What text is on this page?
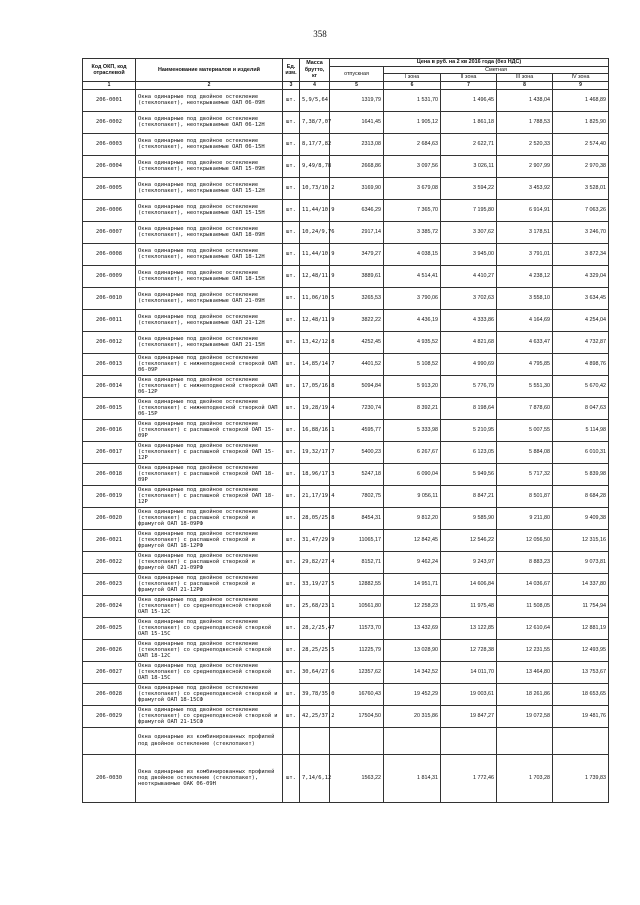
358
Код ОКП, код отраслевой	Наименование материалов и изделий	Ед. изм.	Масса брутто, кг	Цена в руб. на 2 кв 2016 года (без НДС)				
				отпускная	Сметная			
					I зона	II зона	III зона	IV зона
1	2	3	4	5	6	7	8	9
206-0001	Окна одинарные под двойное остекление (стеклопакет), неоткрываемые ОАП 06-09Н	шт.	5,9/5,64	1319,79	1 531,70	1 496,45	1 438,04	1 468,89
206-0002	Окна одинарные под двойное остекление (стеклопакет), неоткрываемые ОАП 06-12Н	шт.	7,38/7,07	1641,45	1 905,12	1 861,18	1 788,53	1 825,90
206-0003	Окна одинарные под двойное остекление (стеклопакет), неоткрываемые ОАП 06-15Н	шт.	8,17/7,82	2313,08	2 684,63	2 622,71	2 520,33	2 574,40
206-0004	Окна одинарные под двойное остекление (стеклопакет), неоткрываемые ОАП 15-09Н	шт.	9,49/8,78	2668,86	3 097,56	3 026,11	2 907,99	2 970,38
206-0005	Окна одинарные под двойное остекление (стеклопакет), неоткрываемые ОАП 15-12Н	шт.	10,73/10,2	3169,90	3 679,08	3 594,22	3 453,92	3 528,01
206-0006	Окна одинарные под двойное остекление (стеклопакет), неоткрываемые ОАП 15-15Н	шт.	11,44/10,9	6346,29	7 365,70	7 195,80	6 914,91	7 063,26
206-0007	Окна одинарные под двойное остекление (стеклопакет), неоткрываемые ОАП 18-09Н	шт.	10,24/9,76	2917,14	3 385,72	3 307,62	3 178,51	3 246,70
206-0008	Окна одинарные под двойное остекление (стеклопакет), неоткрываемые ОАП 18-12Н	шт.	11,44/10,9	3479,27	4 038,15	3 945,00	3 791,01	3 872,34
206-0009	Окна одинарные под двойное остекление (стеклопакет), неоткрываемые ОАП 18-15Н	шт.	12,48/11,9	3889,61	4 514,41	4 410,27	4 238,12	4 329,04
206-0010	Окна одинарные под двойное остекление (стеклопакет), неоткрываемые ОАП 21-09Н	шт.	11,06/10,5	3265,53	3 790,06	3 702,63	3 558,10	3 634,45
206-0011	Окна одинарные под двойное остекление (стеклопакет), неоткрываемые ОАП 21-12Н	шт.	12,48/11,9	3822,22	4 436,19	4 333,86	4 164,69	4 254,04
206-0012	Окна одинарные под двойное остекление (стеклопакет), неоткрываемые ОАП 21-15Н	шт.	13,42/12,8	4252,45	4 935,52	4 821,68	4 633,47	4 732,87
206-0013	Окна одинарные под двойное остекление (стеклопакет) с нижнеподвесной створкой ОАП 06-09Р	шт.	14,85/14,7	4401,52	5 108,52	4 990,69	4 795,85	4 898,76
206-0014	Окна одинарные под двойное остекление (стеклопакет) с нижнеподвесной створкой ОАП 06-12Р	шт.	17,05/16,8	5094,84	5 913,20	5 776,79	5 551,30	5 670,42
206-0015	Окна одинарные под двойное остекление (стеклопакет) с нижнеподвесной створкой ОАП 06-15Р	шт.	19,28/19,4	7230,74	8 392,21	8 198,64	7 878,60	8 047,63
206-0016	Окна одинарные под двойное остекление (стеклопакет) с распашной створкой ОАП 15-09Р	шт.	16,88/16,1	4595,77	5 333,98	5 210,95	5 007,55	5 114,98
206-0017	Окна одинарные под двойное остекление (стеклопакет) с распашной створкой ОАП 15-12Р	шт.	19,32/17,7	5400,23	6 267,67	6 123,05	5 884,08	6 010,31
206-0018	Окна одинарные под двойное остекление (стеклопакет) с распашной створкой ОАП 18-09Р	шт.	18,96/17,3	5247,18	6 090,04	5 949,56	5 717,32	5 839,98
206-0019	Окна одинарные под двойное остекление (стеклопакет) с распашной створкой ОАП 18-12Р	шт.	21,17/19,4	7802,75	9 056,11	8 847,21	8 501,87	8 684,28
206-0020	Окна одинарные под двойное остекление (стеклопакет) с распашной створкой и фрамугой ОАП 18-09РФ	шт.	28,05/25,8	8454,31	9 812,20	9 585,90	9 211,80	9 409,38
206-0021	Окна одинарные под двойное остекление (стеклопакет) с распашной створкой и фрамугой ОАП 18-12РФ	шт.	31,47/29,9	11065,17	12 842,45	12 546,22	12 056,50	12 315,16
206-0022	Окна одинарные под двойное остекление (стеклопакет) с распашной створкой и фрамугой ОАП 21-09РФ	шт.	29,82/27,4	8152,71	9 462,24	9 243,97	8 883,23	9 073,81
206-0023	Окна одинарные под двойное остекление (стеклопакет) с распашной створкой и фрамугой ОАП 21-12РФ	шт.	33,19/27,5	12882,55	14 951,71	14 606,84	14 036,67	14 337,80
206-0024	Окна одинарные под двойное остекление (стеклопакет) со среднеподвесной створкой ОАП 15-12С	шт.	25,68/23,1	10561,80	12 258,23	11 975,48	11 508,05	11 754,94
206-0025	Окна одинарные под двойное остекление (стеклопакет) со среднеподвесной створкой ОАП 15-15С	шт.	28,2/25,47	11573,70	13 432,69	13 122,85	12 610,64	12 881,19
206-0026	Окна одинарные под двойное остекление (стеклопакет) со среднеподвесной створкой ОАП 18-12С	шт.	28,25/25,5	11225,79	13 028,90	12 728,38	12 231,55	12 493,95
206-0027	Окна одинарные под двойное остекление (стеклопакет) со среднеподвесной створкой ОАП 18-15С	шт.	30,64/27,6	12357,62	14 342,52	14 011,70	13 464,80	13 753,67
206-0028	Окна одинарные под двойное остекление (стеклопакет) со среднеподвесной створкой и фрамугой ОАП 18-15СФ	шт.	39,78/35,0	16760,43	19 452,29	19 003,61	18 261,86	18 653,65
206-0029	Окна одинарные под двойное остекление (стеклопакет) со среднеподвесной створкой и фрамугой ОАП 21-15СФ	шт.	42,25/37,2	17504,50	20 315,86	19 847,27	19 072,58	19 481,76
	Окна одинарные из комбинированных профилей под двойное остекление (стеклопакет)							
206-0030	Окна одинарные из комбинированных профилей под двойное остекление (стеклопакет), неоткрываемые ОАК 06-09Н	шт.	7,14/6,12	1563,22	1 814,31	1 772,46	1 703,28	1 739,83
